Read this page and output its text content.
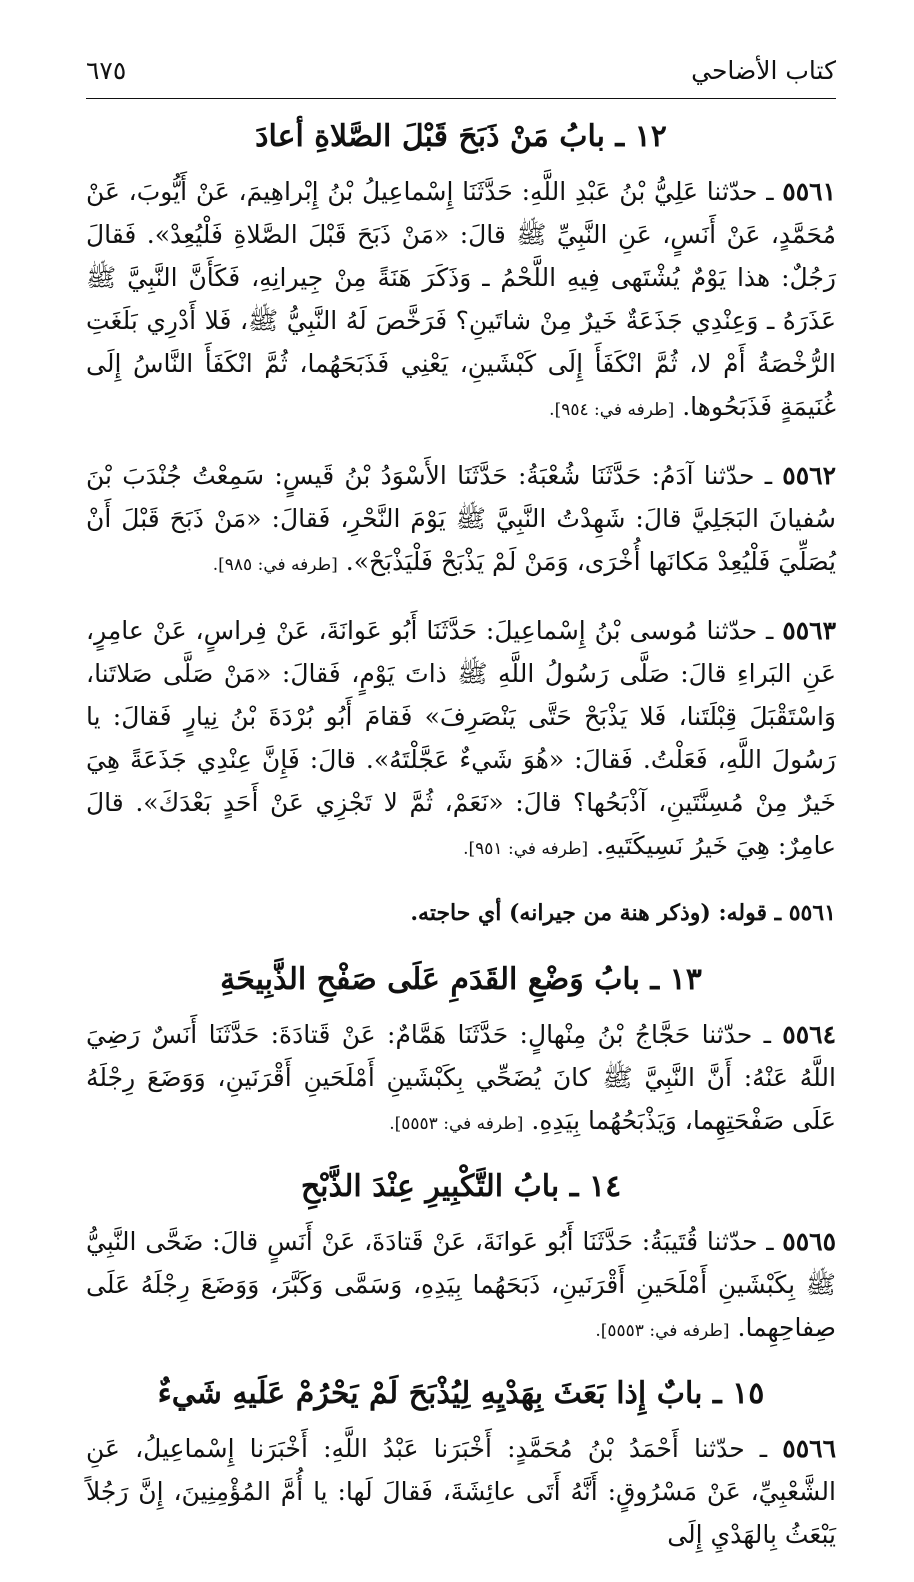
كتاب الأضاحي
٦٧٥
١٢ ـ بابُ مَنْ ذَبَحَ قَبْلَ الصَّلاةِ أعادَ

٥٥٦١ ـ حدّثنا عَلِيُّ بْنُ عَبْدِ اللَّهِ: حَدَّثَنَا إِسْماعِيلُ بْنُ إِبْراهِيمَ، عَنْ أَيُّوبَ، عَنْ مُحَمَّدٍ، عَنْ أَنَسٍ، عَنِ النَّبِيِّ ﷺ قالَ: «مَنْ ذَبَحَ قَبْلَ الصَّلاةِ فَلْيُعِدْ». فَقالَ رَجُلٌ: هذا يَوْمٌ يُشْتَهى فِيهِ اللَّحْمُ ـ وَذَكَرَ هَنَةً مِنْ جِيرانِهِ، فَكَأَنَّ النَّبِيَّ ﷺ عَذَرَهُ ـ وَعِنْدِي جَذَعَةٌ خَيرٌ مِنْ شاتَينِ؟ فَرَخَّصَ لَهُ النَّبِيُّ ﷺ، فَلا أَدْرِي بَلَغَتِ الرُّخْصَةُ أَمْ لا، ثُمَّ انْكَفَأَ إِلَى كَبْشَينِ، يَعْنِي فَذَبَحَهُما، ثُمَّ انْكَفَأَ النَّاسُ إِلَى غُنَيمَةٍ فَذَبَحُوها. [طرفه في: ٩٥٤].

٥٥٦٢ ـ حدّثنا آدَمُ: حَدَّثَنَا شُعْبَةُ: حَدَّثَنَا الأَسْوَدُ بْنُ قَيسٍ: سَمِعْتُ جُنْدَبَ بْنَ سُفيانَ البَجَلِيَّ قالَ: شَهِدْتُ النَّبِيَّ ﷺ يَوْمَ النَّحْرِ، فَقالَ: «مَنْ ذَبَحَ قَبْلَ أَنْ يُصَلِّيَ فَلْيُعِدْ مَكانَها أُخْرَى، وَمَنْ لَمْ يَذْبَحْ فَلْيَذْبَحْ». [طرفه في: ٩٨٥].

٥٥٦٣ ـ حدّثنا مُوسى بْنُ إِسْماعِيلَ: حَدَّثَنَا أَبُو عَوانَةَ، عَنْ فِراسٍ، عَنْ عامِرٍ، عَنِ البَراءِ قالَ: صَلَّى رَسُولُ اللَّهِ ﷺ ذاتَ يَوْمٍ، فَقالَ: «مَنْ صَلَّى صَلاتَنا، وَاسْتَقْبَلَ قِبْلَتَنا، فَلا يَذْبَحْ حَتَّى يَنْصَرِفَ» فَقامَ أَبُو بُرْدَةَ بْنُ نِيارٍ فَقالَ: يا رَسُولَ اللَّهِ، فَعَلْتُ. فَقالَ: «هُوَ شَيءٌ عَجَّلْتَهُ». قالَ: فَإِنَّ عِنْدِي جَذَعَةً هِيَ خَيرٌ مِنْ مُسِنَّتَينِ، آذْبَحُها؟ قالَ: «نَعَمْ، ثُمَّ لا تَجْزِي عَنْ أَحَدٍ بَعْدَكَ». قالَ عامِرٌ: هِيَ خَيرُ نَسِيكَتَيهِ. [طرفه في: ٩٥١].

٥٥٦١ ـ قوله: (وذكر هنة من جيرانه) أي حاجته.
١٣ ـ بابُ وَضْعِ القَدَمِ عَلَى صَفْحِ الذَّبِيحَةِ

٥٥٦٤ ـ حدّثنا حَجَّاجُ بْنُ مِنْهالٍ: حَدَّثَنَا هَمَّامٌ: عَنْ قَتادَةَ: حَدَّثَنَا أَنَسٌ رَضِيَ اللَّهُ عَنْهُ: أَنَّ النَّبِيَّ ﷺ كانَ يُضَحِّي بِكَبْشَينِ أَمْلَحَينِ أَقْرَنَينِ، وَوَضَعَ رِجْلَهُ عَلَى صَفْحَتِهِما، وَيَذْبَحُهُما بِيَدِهِ. [طرفه في: ٥٥٥٣].

١٤ ـ بابُ التَّكْبِيرِ عِنْدَ الذَّبْحِ

٥٥٦٥ ـ حدّثنا قُتَيبَةُ: حَدَّثَنَا أَبُو عَوانَةَ، عَنْ قَتادَةَ، عَنْ أَنَسٍ قالَ: ضَحَّى النَّبِيُّ ﷺ بِكَبْشَينِ أَمْلَحَينِ أَقْرَنَينِ، ذَبَحَهُما بِيَدِهِ، وَسَمَّى وَكَبَّرَ، وَوَضَعَ رِجْلَهُ عَلَى صِفاحِهِما. [طرفه في: ٥٥٥٣].

١٥ ـ بابٌ إِذا بَعَثَ بِهَدْيِهِ لِيُذْبَحَ لَمْ يَحْرُمْ عَلَيهِ شَيءٌ

٥٥٦٦ ـ حدّثنا أَحْمَدُ بْنُ مُحَمَّدٍ: أَخْبَرَنا عَبْدُ اللَّهِ: أَخْبَرَنا إِسْماعِيلُ، عَنِ الشَّعْبِيِّ، عَنْ مَسْرُوقٍ: أَنَّهُ أَتَى عائِشَةَ، فَقالَ لَها: يا أُمَّ المُؤْمِنِينَ، إِنَّ رَجُلاً يَبْعَثُ بِالهَدْيِ إِلَى
